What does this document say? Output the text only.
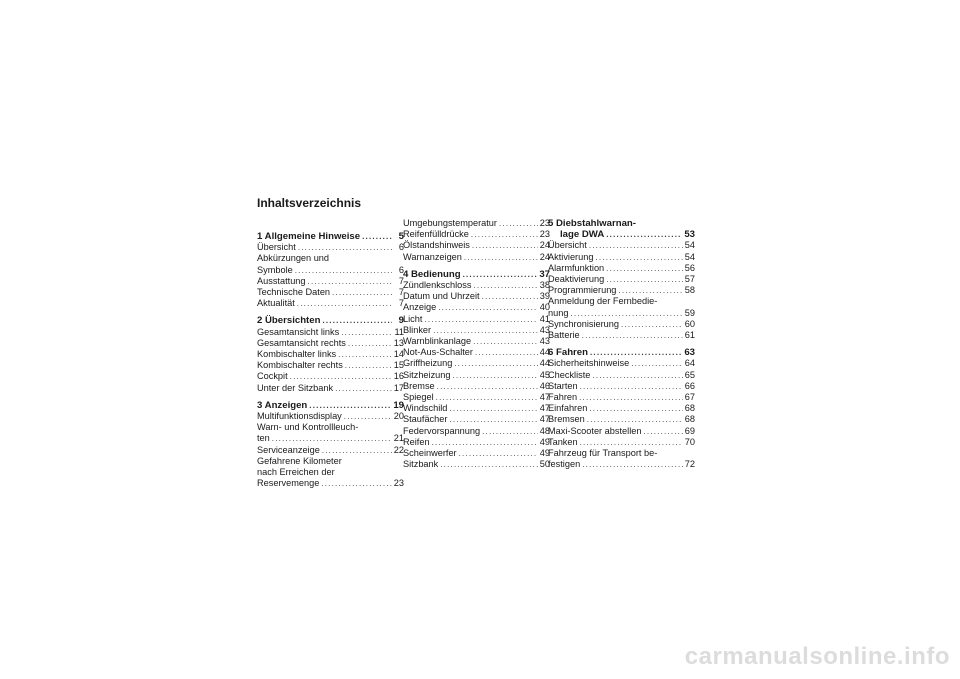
Inhaltsverzeichnis
1 Allgemeine Hinweise .....	5
Übersicht .....	6
Abkürzungen und
Symbole .....	6
Ausstattung .....	7
Technische Daten .....	7
Aktualität .....	7
2 Übersichten .....	9
Gesamtansicht links .....	11
Gesamtansicht rechts .....	13
Kombischalter links .....	14
Kombischalter rechts .....	15
Cockpit .....	16
Unter der Sitzbank .....	17
3 Anzeigen .....	19
Multifunktionsdisplay .....	20
Warn- und Kontrollleuch-
ten .....	21
Serviceanzeige .....	22
Gefahrene Kilometer
nach Erreichen der
Reservemenge .....	23
Umgebungstemperatur .....	23
Reifenfülldrücke .....	23
Ölstandshinweis .....	24
Warnanzeigen .....	24
4 Bedienung .....	37
Zündlenkschloss .....	38
Datum und Uhrzeit .....	39
Anzeige .....	40
Licht .....	41
Blinker .....	43
Warnblinkanlage .....	43
Not-Aus-Schalter .....	44
Griffheizung .....	44
Sitzheizung .....	45
Bremse .....	46
Spiegel .....	47
Windschild .....	47
Staufächer .....	47
Federvorspannung .....	48
Reifen .....	49
Scheinwerfer .....	49
Sitzbank .....	50
5 Diebstahlwarnan-
lage DWA .....	53
Übersicht .....	54
Aktivierung .....	54
Alarmfunktion .....	56
Deaktivierung .....	57
Programmierung .....	58
Anmeldung der Fernbedie-
nung .....	59
Synchronisierung .....	60
Batterie .....	61
6 Fahren .....	63
Sicherheitshinweise .....	64
Checkliste .....	65
Starten .....	66
Fahren .....	67
Einfahren .....	68
Bremsen .....	68
Maxi-Scooter abstellen .....	69
Tanken .....	70
Fahrzeug für Transport be-
festigen .....	72
carmanualsonline.info
